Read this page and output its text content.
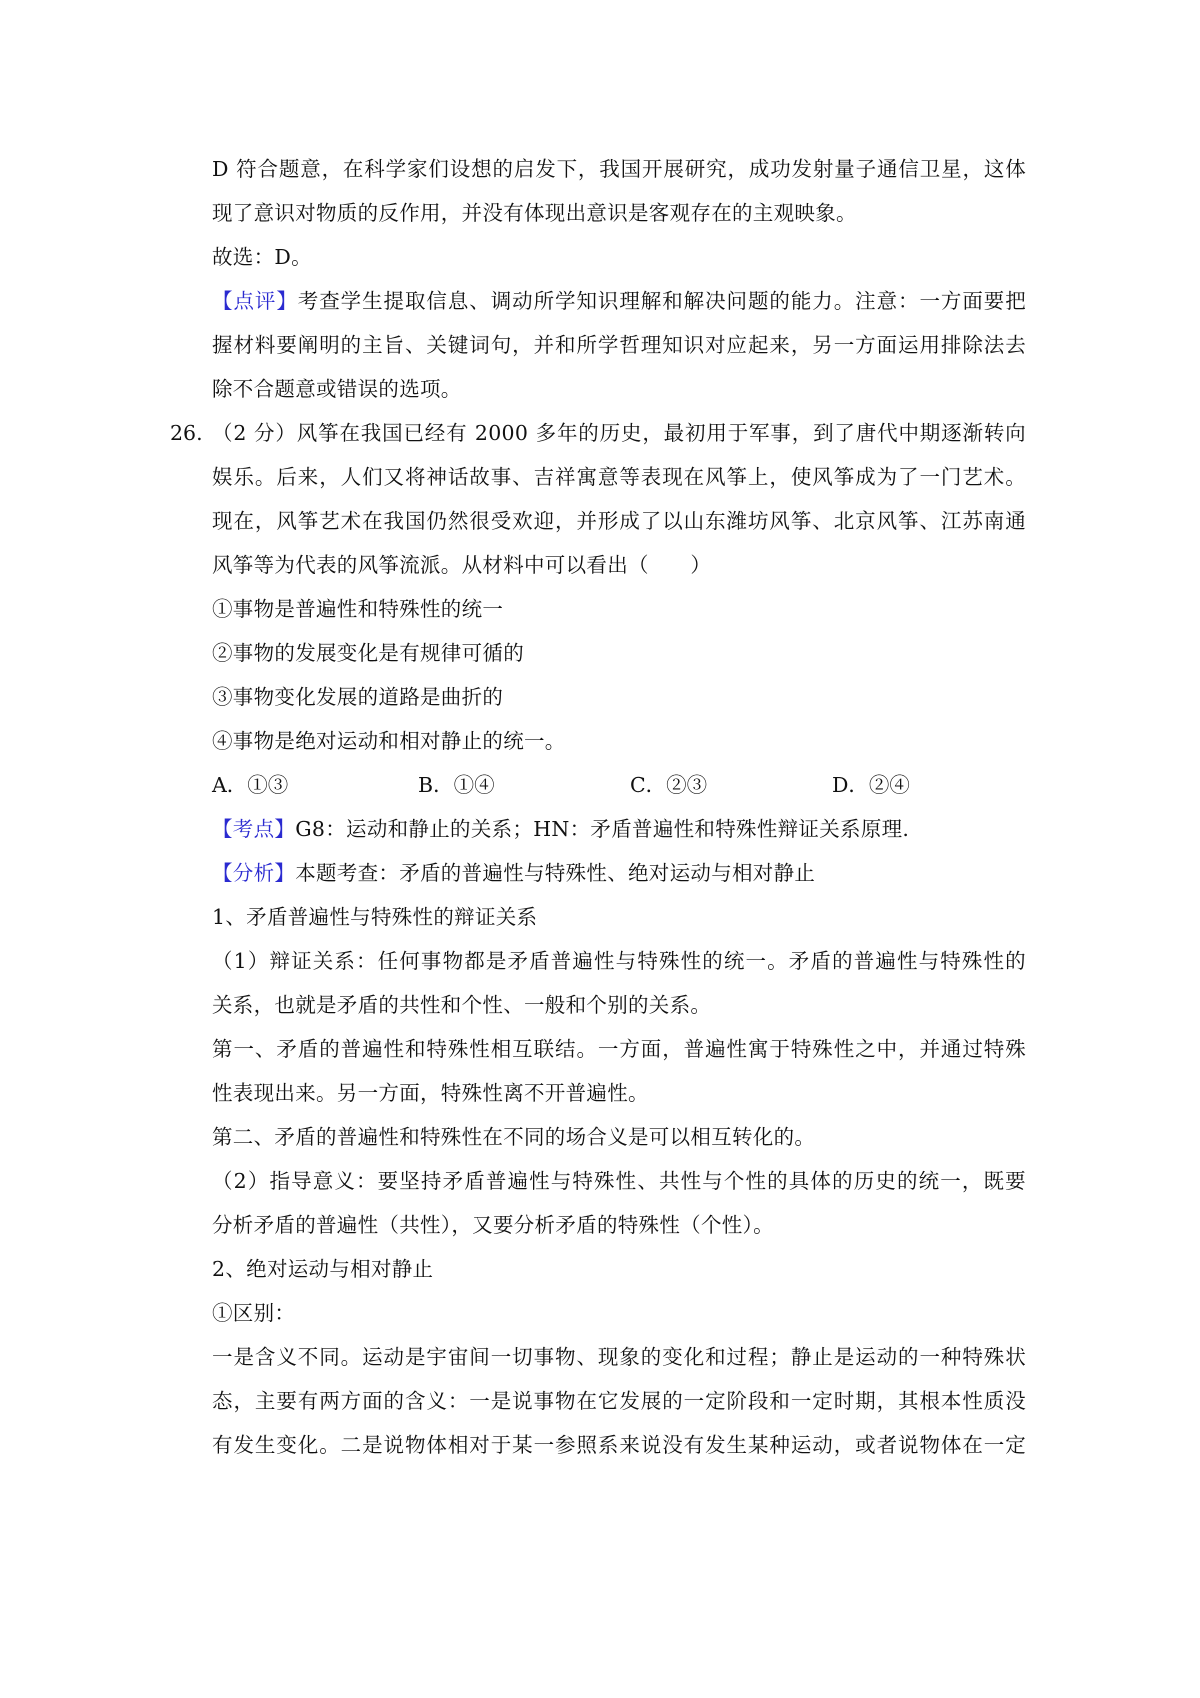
D 符合题意，在科学家们设想的启发下，我国开展研究，成功发射量子通信卫星，这体
现了意识对物质的反作用，并没有体现出意识是客观存在的主观映象。
故选：D。
【点评】考查学生提取信息、调动所学知识理解和解决问题的能力。注意：一方面要把
握材料要阐明的主旨、关键词句，并和所学哲理知识对应起来，另一方面运用排除法去
除不合题意或错误的选项。
26. （2 分）风筝在我国已经有 2000 多年的历史，最初用于军事，到了唐代中期逐渐转向
娱乐。后来，人们又将神话故事、吉祥寓意等表现在风筝上，使风筝成为了一门艺术。
现在，风筝艺术在我国仍然很受欢迎，并形成了以山东潍坊风筝、北京风筝、江苏南通
风筝等为代表的风筝流派。从材料中可以看出（　　）
①事物是普遍性和特殊性的统一
②事物的发展变化是有规律可循的
③事物变化发展的道路是曲折的
④事物是绝对运动和相对静止的统一。
A．①③	B．①④	C．②③	D．②④
【考点】G8：运动和静止的关系；HN：矛盾普遍性和特殊性辩证关系原理.
【分析】本题考查：矛盾的普遍性与特殊性、绝对运动与相对静止
1、矛盾普遍性与特殊性的辩证关系
（1）辩证关系：任何事物都是矛盾普遍性与特殊性的统一。矛盾的普遍性与特殊性的
关系，也就是矛盾的共性和个性、一般和个别的关系。
第一、矛盾的普遍性和特殊性相互联结。一方面，普遍性寓于特殊性之中，并通过特殊
性表现出来。另一方面，特殊性离不开普遍性。
第二、矛盾的普遍性和特殊性在不同的场合义是可以相互转化的。
（2）指导意义：要坚持矛盾普遍性与特殊性、共性与个性的具体的历史的统一，既要
分析矛盾的普遍性（共性），又要分析矛盾的特殊性（个性）。
2、绝对运动与相对静止
①区别：
一是含义不同。运动是宇宙间一切事物、现象的变化和过程；静止是运动的一种特殊状
态，主要有两方面的含义：一是说事物在它发展的一定阶段和一定时期，其根本性质没
有发生变化。二是说物体相对于某一参照系来说没有发生某种运动，或者说物体在一定
